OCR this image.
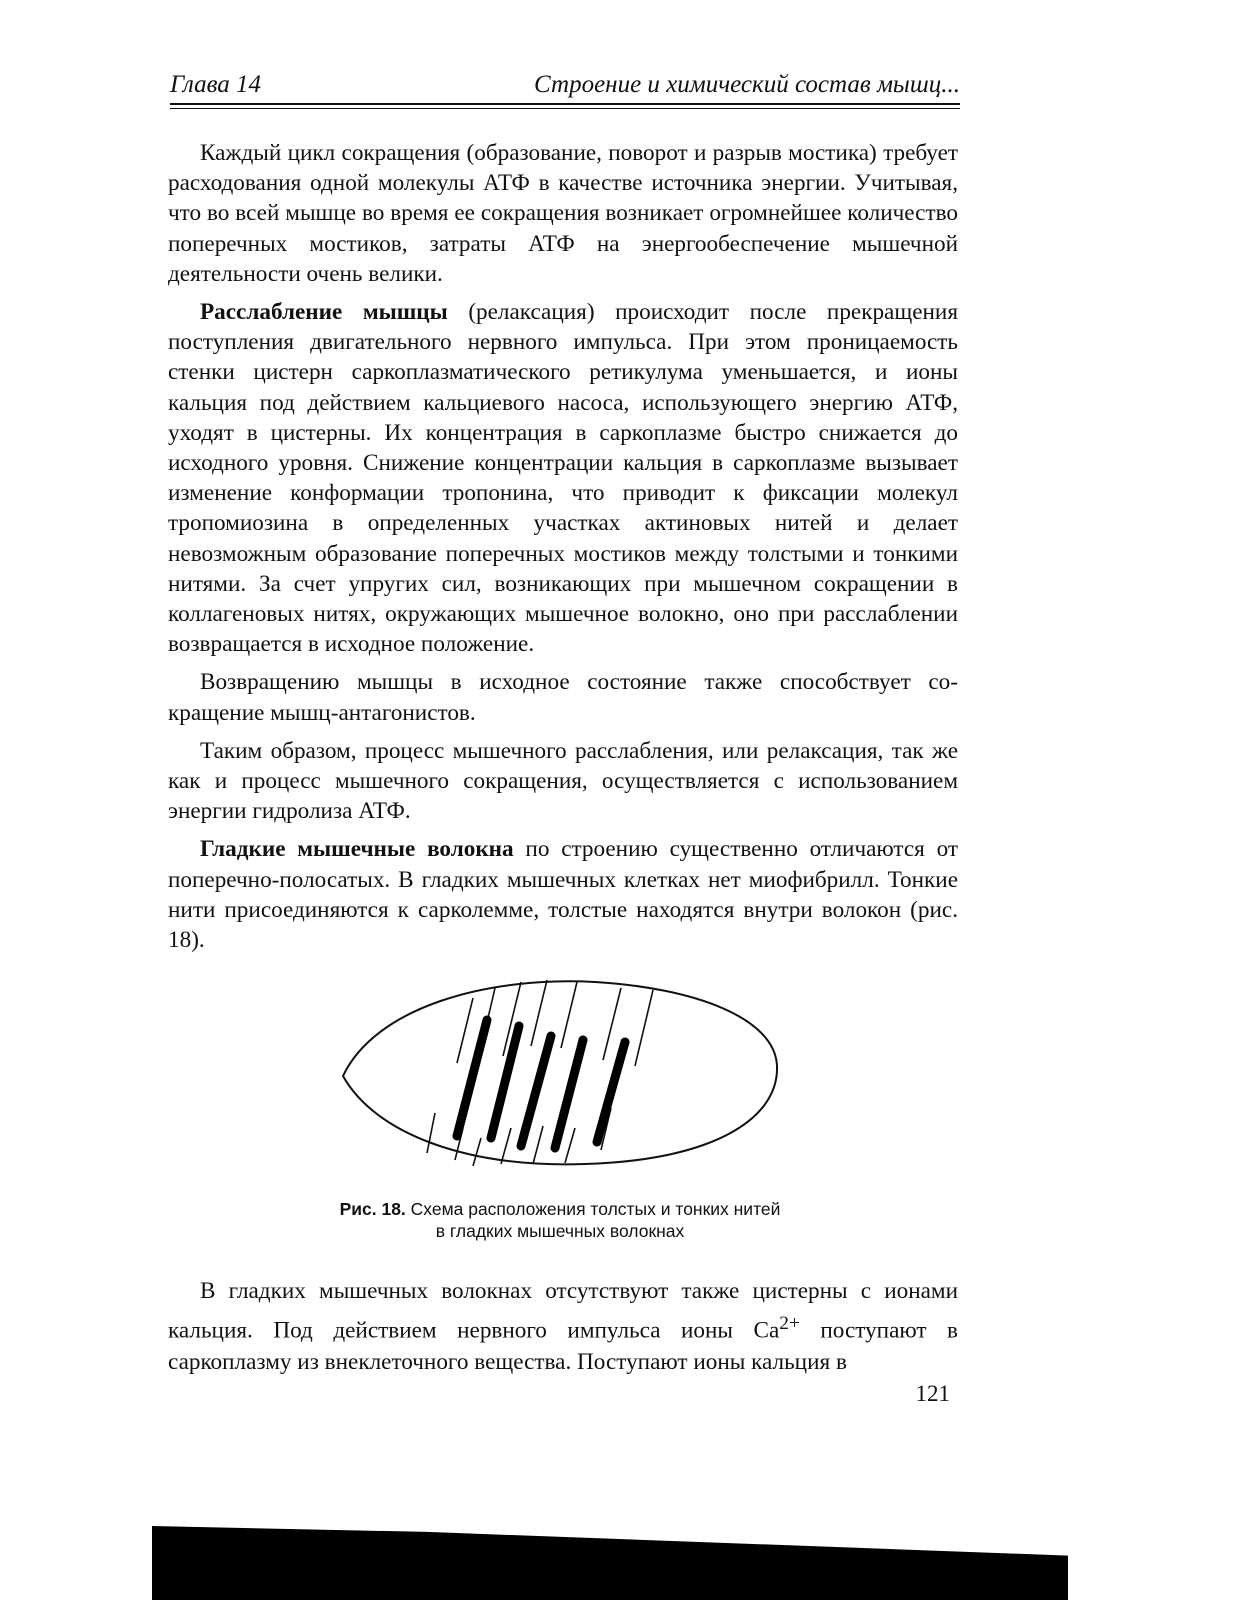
Глава 14	Строение и химический состав мышц...

Каждый цикл сокращения (образование, поворот и разрыв мостика) требует расходования одной молекулы АТФ в качестве источника энергии. Учитывая, что во всей мышце во время ее сокращения возникает огромнейшее количество поперечных мостиков, затраты АТФ на энергообеспечение мышечной деятельности очень велики.

Расслабление мышцы (релаксация) происходит после прекращения поступления двигательного нервного импульса. При этом проницаемость стенки цистерн саркоплазматического ретикулума уменьшается, и ионы кальция под действием кальциевого насоса, использующего энергию АТФ, уходят в цистерны. Их концентрация в саркоплазме быстро снижается до исходного уровня. Снижение концентрации кальция в саркоплазме вызывает изменение конформации тропонина, что приводит к фиксации молекул тропомиозина в определенных участках актиновых нитей и делает невозможным образование поперечных мостиков между толстыми и тонкими нитями. За счет упругих сил, возникающих при мышечном сокращении в коллагеновых нитях, окружающих мышечное волокно, оно при расслаблении возвращается в исходное положение.

Возвращению мышцы в исходное состояние также способствует сокращение мышц-антагонистов.

Таким образом, процесс мышечного расслабления, или релаксация, так же как и процесс мышечного сокращения, осуществляется с использованием энергии гидролиза АТФ.

Гладкие мышечные волокна по строению существенно отличаются от поперечно-полосатых. В гладких мышечных клетках нет миофибрилл. Тонкие нити присоединяются к сарколемме, толстые находятся внутри волокон (рис. 18).

Рис. 18. Схема расположения толстых и тонких нитей
в гладких мышечных волокнах

В гладких мышечных волокнах отсутствуют также цистерны с ионами кальция. Под действием нервного импульса ионы $Ca^{2+}$ поступают в саркоплазму из внеклеточного вещества. Поступают ионы кальция в

121
